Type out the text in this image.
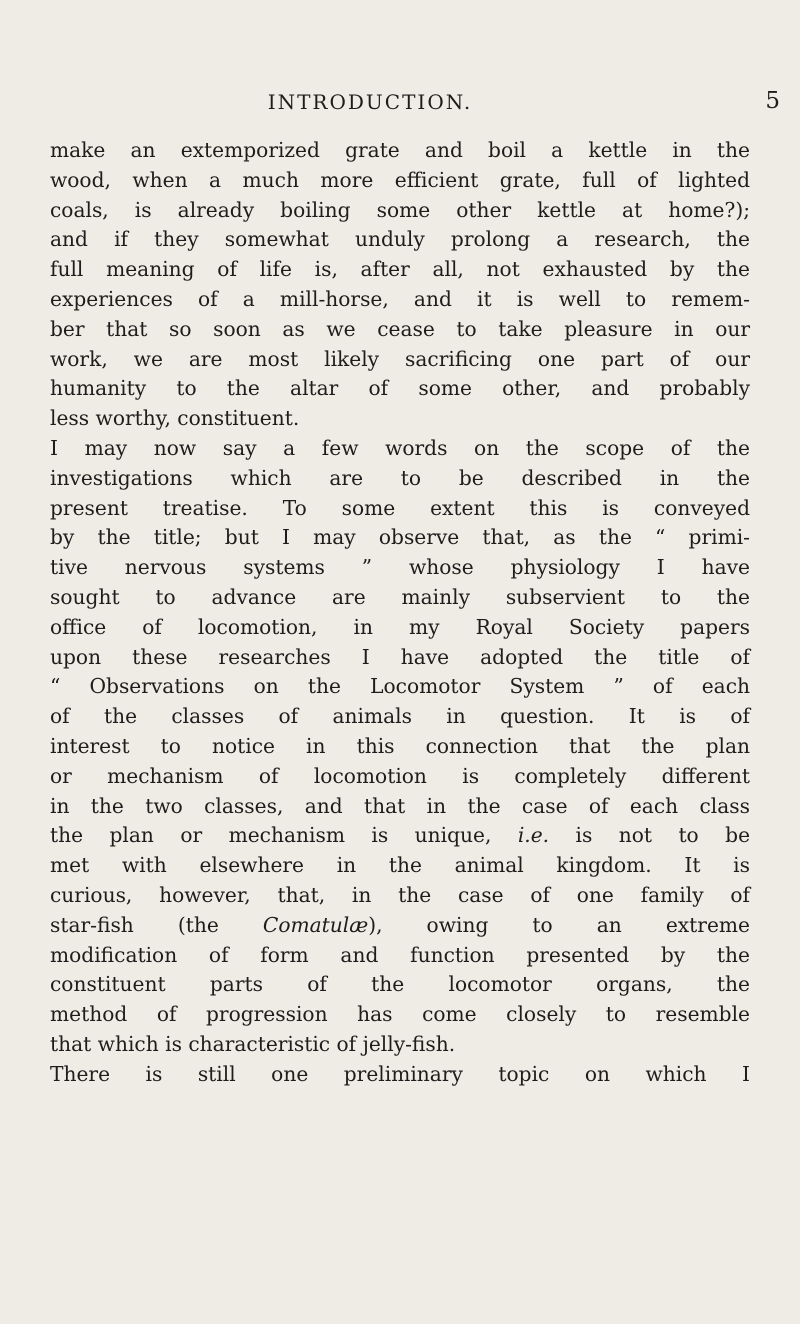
INTRODUCTION.	5
make an extemporized grate and boil a kettle in the
wood, when a much more efficient grate, full of lighted
coals, is already boiling some other kettle at home?);
and if they somewhat unduly prolong a research, the
full meaning of life is, after all, not exhausted by the
experiences of a mill-horse, and it is well to remem-
ber that so soon as we cease to take pleasure in our
work, we are most likely sacrificing one part of our
humanity to the altar of some other, and probably
less worthy, constituent.
I may now say a few words on the scope of the
investigations which are to be described in the
present treatise. To some extent this is conveyed
by the title; but I may observe that, as the “ primi-
tive nervous systems ” whose physiology I have
sought to advance are mainly subservient to the
office of locomotion, in my Royal Society papers
upon these researches I have adopted the title of
“ Observations on the Locomotor System ” of each
of the classes of animals in question. It is of
interest to notice in this connection that the plan
or mechanism of locomotion is completely different
in the two classes, and that in the case of each class
the plan or mechanism is unique, i.e. is not to be
met with elsewhere in the animal kingdom. It is
curious, however, that, in the case of one family of
star-fish (the Comatulæ), owing to an extreme
modification of form and function presented by the
constituent parts of the locomotor organs, the
method of progression has come closely to resemble
that which is characteristic of jelly-fish.
There is still one preliminary topic on which I
